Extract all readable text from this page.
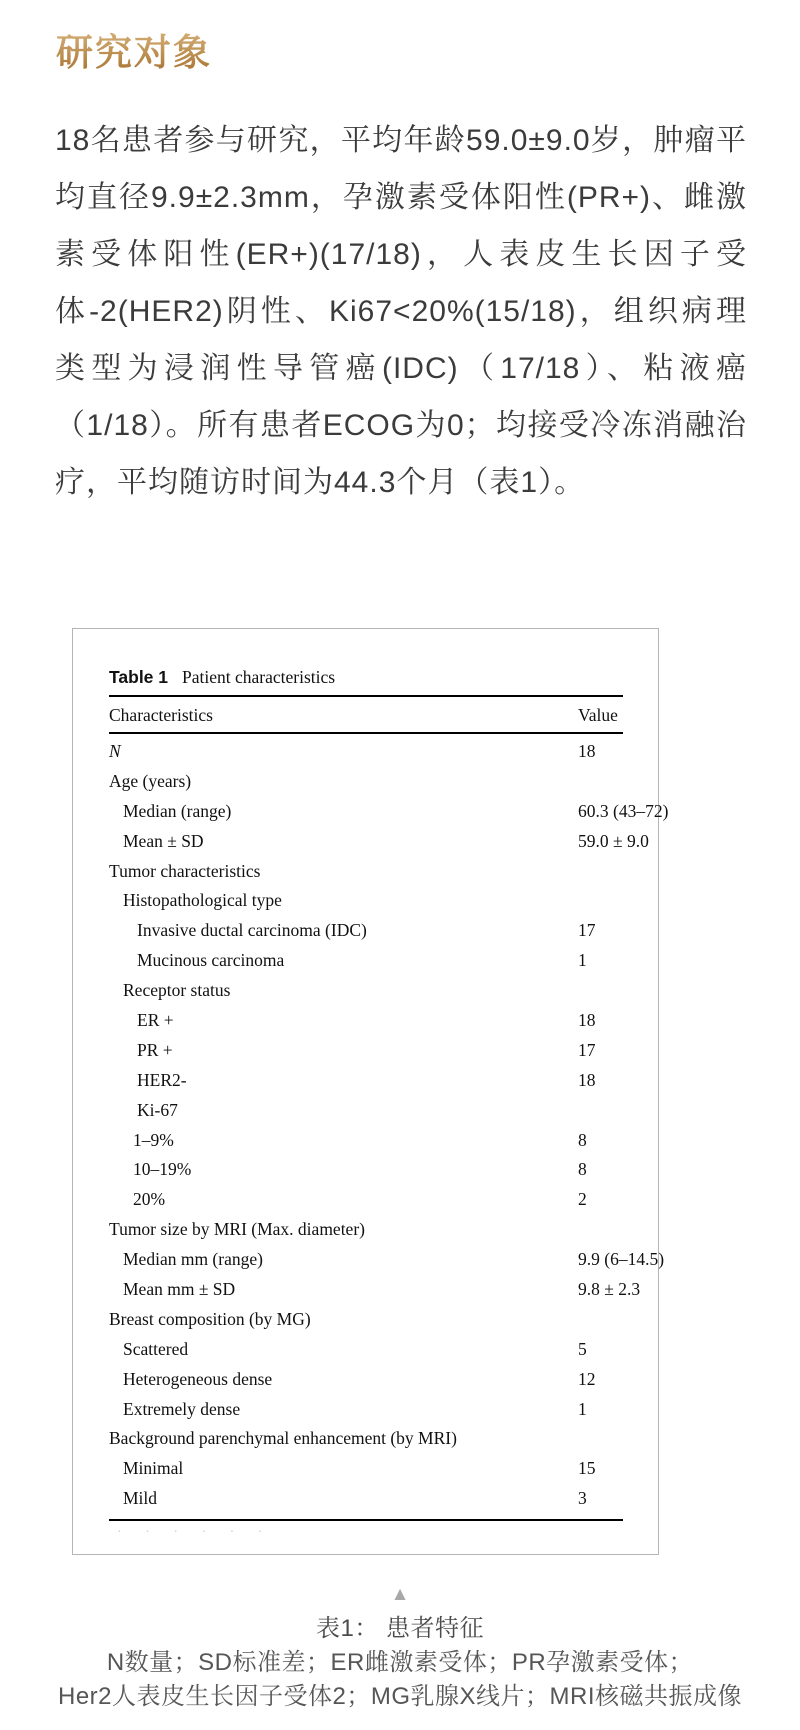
研究对象
18名患者参与研究，平均年龄59.0±9.0岁，肿瘤平均直径9.9±2.3mm，孕激素受体阳性(PR+)、雌激素受体阳性(ER+)(17/18)，人表皮生长因子受体-2(HER2)阴性、Ki67<20%(15/18)，组织病理类型为浸润性导管癌(IDC)（17/18）、粘液癌（1/18）。所有患者ECOG为0；均接受冷冻消融治疗，平均随访时间为44.3个月（表1）。
Table 1 Patient characteristics
Characteristics	Value
N	18
Age (years)
Median (range)	60.3 (43–72)
Mean ± SD	59.0 ± 9.0
Tumor characteristics
Histopathological type
Invasive ductal carcinoma (IDC)	17
Mucinous carcinoma	1
Receptor status
ER +	18
PR +	17
HER2-	18
Ki-67
1–9%	8
10–19%	8
20%	2
Tumor size by MRI (Max. diameter)
Median mm (range)	9.9 (6–14.5)
Mean mm ± SD	9.8 ± 2.3
Breast composition (by MG)
Scattered	5
Heterogeneous dense	12
Extremely dense	1
Background parenchymal enhancement (by MRI)
Minimal	15
Mild	3
· · · · · ·
▲
表1： 患者特征
N数量；SD标准差；ER雌激素受体；PR孕激素受体；
Her2人表皮生长因子受体2；MG乳腺X线片；MRI核磁共振成像
